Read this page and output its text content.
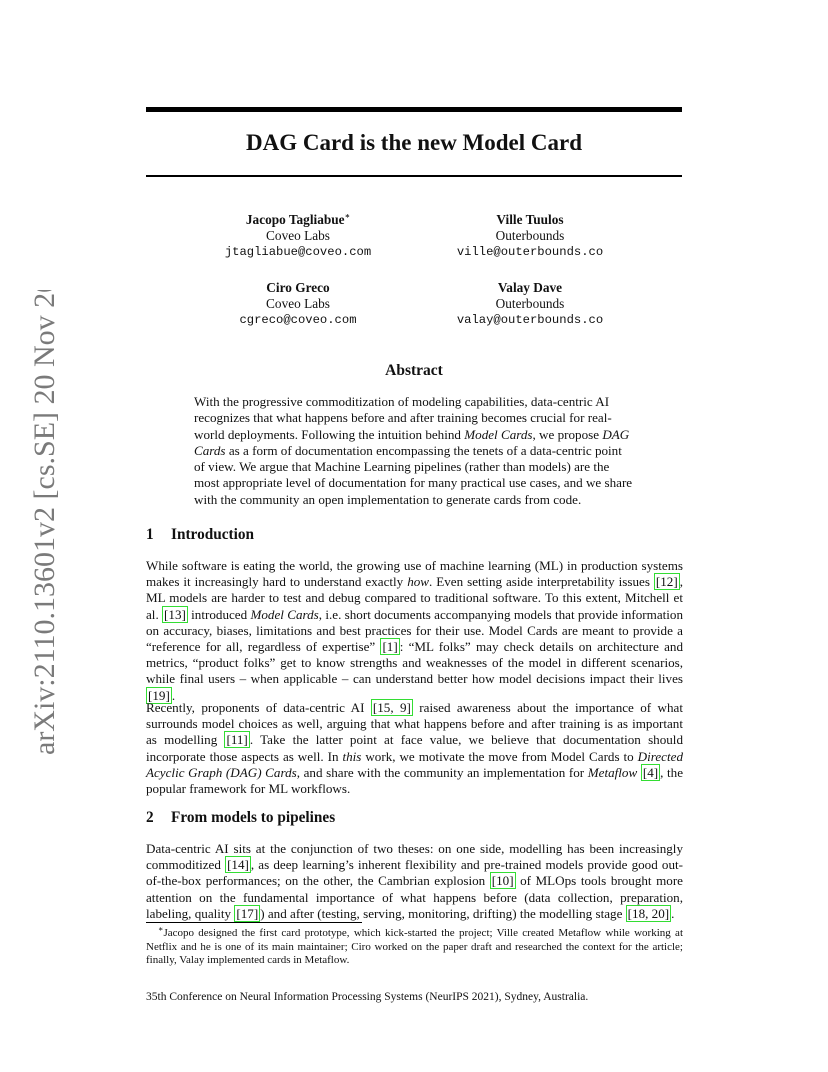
arXiv:2110.13601v2 [cs.SE] 20 Nov 2021
DAG Card is the new Model Card
Jacopo Tagliabue∗
Coveo Labs
jtagliabue@coveo.com
Ville Tuulos
Outerbounds
ville@outerbounds.co
Ciro Greco
Coveo Labs
cgreco@coveo.com
Valay Dave
Outerbounds
valay@outerbounds.co
Abstract
With the progressive commoditization of modeling capabilities, data-centric AI recognizes that what happens before and after training becomes crucial for real-world deployments. Following the intuition behind Model Cards, we propose DAG Cards as a form of documentation encompassing the tenets of a data-centric point of view. We argue that Machine Learning pipelines (rather than models) are the most appropriate level of documentation for many practical use cases, and we share with the community an open implementation to generate cards from code.
1 Introduction
While software is eating the world, the growing use of machine learning (ML) in production systems makes it increasingly hard to understand exactly how. Even setting aside interpretability issues [12] , ML models are harder to test and debug compared to traditional software. To this extent, Mitchell et al. [13] introduced Model Cards, i.e. short documents accompanying models that provide information on accuracy, biases, limitations and best practices for their use. Model Cards are meant to provide a “reference for all, regardless of expertise” [1] : “ML folks” may check details on architecture and metrics, “product folks” get to know strengths and weaknesses of the model in different scenarios, while final users – when applicable – can understand better how model decisions impact their lives [19] .
Recently, proponents of data-centric AI [15, 9] raised awareness about the importance of what surrounds model choices as well, arguing that what happens before and after training is as important as modelling [11] . Take the latter point at face value, we believe that documentation should incorporate those aspects as well. In this work, we motivate the move from Model Cards to Directed Acyclic Graph (DAG) Cards, and share with the community an implementation for Metaflow [4] , the popular framework for ML workflows.
2 From models to pipelines
Data-centric AI sits at the conjunction of two theses: on one side, modelling has been increasingly commoditized [14] , as deep learning’s inherent flexibility and pre-trained models provide good out-of-the-box performances; on the other, the Cambrian explosion [10] of MLOps tools brought more attention on the fundamental importance of what happens before (data collection, preparation, labeling, quality [17] ) and after (testing, serving, monitoring, drifting) the modelling stage [18, 20] .
∗Jacopo designed the first card prototype, which kick-started the project; Ville created Metaflow while working at Netflix and he is one of its main maintainer; Ciro worked on the paper draft and researched the context for the article; finally, Valay implemented cards in Metaflow.
35th Conference on Neural Information Processing Systems (NeurIPS 2021), Sydney, Australia.
